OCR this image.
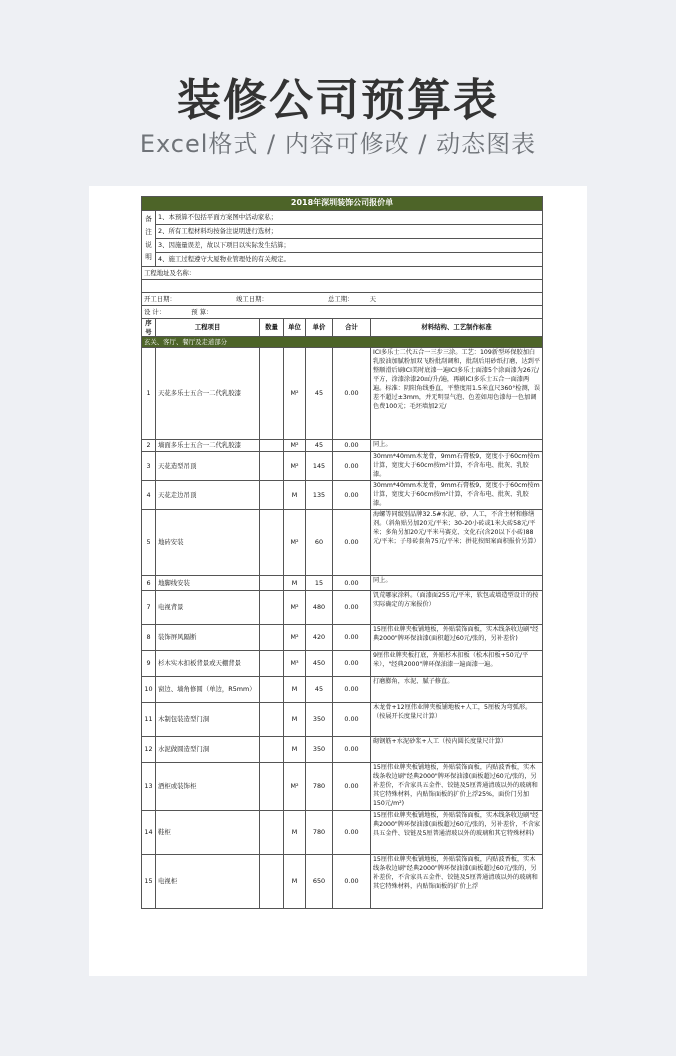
装修公司预算表
Excel格式 / 内容可修改 / 动态图表
2018年深圳装饰公司报价单						
备
注
说
明	1、本预算不包括平面方案图中活动家私；					
	2、所有工程材料均按备注说明进行选材；					
	3、因施量误差，故以下项目以实际发生结算；					
	4、施工过程遵守大厦物业管理处的有关规定。					
工程地址及名称：						

开工日期： 竣工日期： 总工期： 天						
设 计： 预 算：						
序号	工程项目	数量	单位	单价	合计	材料结构、工艺制作标准
玄关、客厅、餐厅及走道部分						
1	天花多乐士五合一二代乳胶漆		M²	45	0.00	ICI多乐士二代五合一三步三涂。工艺：109新型环保胶加白乳胶油加腻粉加双飞粉批刮调和，批刮后用砂纸打磨，达到平整顺滑后刷ICI美时底漆一遍ICI多乐士面漆5个涂面漆为26元/平方，涂漆涂漆20㎡/升/遍，再刷ICI多乐士五合一面漆两遍。标准：阴阳角线垂直，平整度用1.5米直尺360°检测，误差不超过±3mm，并无明显气泡、色差如用色漆每一色加调色费100元；毛坯墙加2元/
2	墙面多乐士五合一二代乳胶漆		M²	45	0.00	同上。
3	天花造型吊顶		M²	145	0.00	30mm*40mm木龙骨，9mm石膏板9，宽度小于60cm按m计算，宽度大于60cm按m²计算，不含布电、批灰、乳胶漆。
4	天花走边吊顶		M	135	0.00	30mm*40mm木龙骨，9mm石膏板9，宽度小于60cm按m计算，宽度大于60cm按m²计算，不含布电、批灰、乳胶漆。
5	地砖安装		M²	60	0.00	海螺等同级别品牌32.5#水泥、砂、人工，不含主材和修缮剂。（斜角贴另加20元/平米；30-20小砖或1米大砖58元/平米；多角另加20元/平米马赛克、文化石(含20以下小砖)88元/平米；子母砖套角75元/平米；拼花按图案面积报价另算）
6	地脚线安装		M	15	0.00	同上。
7	电视背景		M²	480	0.00	饥荒哪家涂料。（面漆面255元/平米，软包或墙造型设计的按实际确定的方案报价）
8	装饰屏风隔断		M²	420	0.00	15厘伟业牌夹板铺地板，外贴装饰面板，实木线条收边刷"经典2000"牌环保油漆(面积超过60元/张的，另补差价)
9	杉木实木扣板背景或天棚背景		M³	450	0.00	9厘伟业牌夹板打底，外贴杉木扣板（松木扣板+50元/平米），"经典2000"牌环保油漆一遍面漆一遍。
10	窗边、墙角修圆（单边，R5mm）		M	45	0.00	打磨膨角，水泥、腻子修直。
11	木制包装造型门洞		M	350	0.00	木龙骨+12厘伟业牌夹板铺地板+人工，5厘板为弯弧形。（按展开长度量尺计算）
12	水泥做圆造型门洞		M	350	0.00	砌钢筋+水泥砂浆+人工（按内圆长度量尺计算）
13	酒柜或装饰柜		M²	780	0.00	15厘伟业牌夹板铺地板，外贴装饰面板，内贴波香板，实木线条收边刷"经典2000"牌环保油漆(面板超过60元/张的，另补差价，不含家具五金件、铰链及5厘普通清玻以外的玻璃和其它特殊材料，内贴饰面板的扩价上浮25%，面价门另加150元/m²)
14	鞋柜		M	780	0.00	15厘伟业牌夹板铺地板，外贴装饰面板，实木线条收边刷"经典2000"牌环保油漆(面板超过60元/张的，另补差价，不含家具五金件、铰链及5厘普通清玻以外的玻璃和其它特殊材料)
15	电视柜		M	650	0.00	15厘伟业牌夹板铺地板，外贴装饰面板，内贴波香板，实木线条收边刷"经典2000"牌环保油漆(面板超过60元/张的，另补差价，不含家具五金件、铰链及5厘普通清玻以外的玻璃和其它特殊材料，内贴饰面板的扩价上浮
